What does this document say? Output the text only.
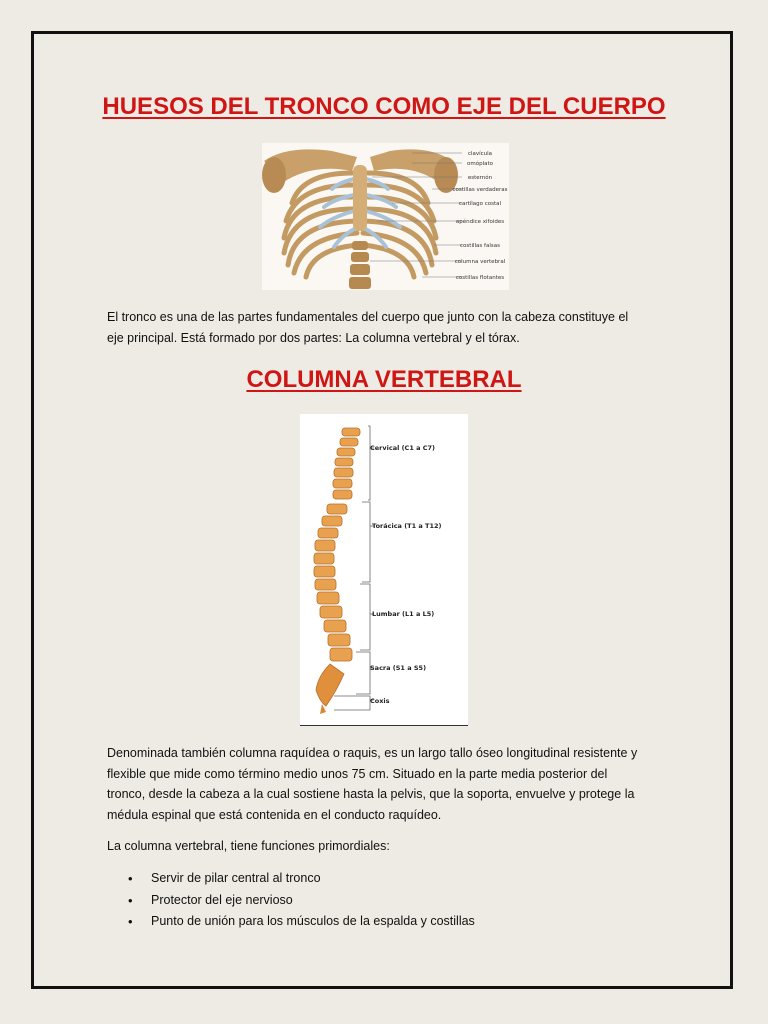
HUESOS DEL TRONCO COMO EJE DEL CUERPO
clavícula
omóplato
esternón
costillas verdaderas
cartílago costal
apéndice xifoides
costillas falsas
columna vertebral
costillas flotantes

El tronco es una de las partes fundamentales del cuerpo que junto con la cabeza constituye el eje principal. Está formado por dos partes: La columna vertebral y el tórax.

COLUMNA VERTEBRAL
Cervical (C1 a C7)
Torácica (T1 a T12)
Lumbar (L1 a L5)
Sacra (S1 a S5)
Coxis

Denominada también columna raquídea o raquis, es un largo tallo óseo longitudinal resistente y flexible que mide como término medio unos 75 cm. Situado en la parte media posterior del tronco, desde la cabeza a la cual sostiene hasta la pelvis, que la soporta, envuelve y protege la médula espinal que está contenida en el conducto raquídeo.

La columna vertebral, tiene funciones primordiales:

• Servir de pilar central al tronco
• Protector del eje nervioso
• Punto de unión para los músculos de la espalda y costillas
